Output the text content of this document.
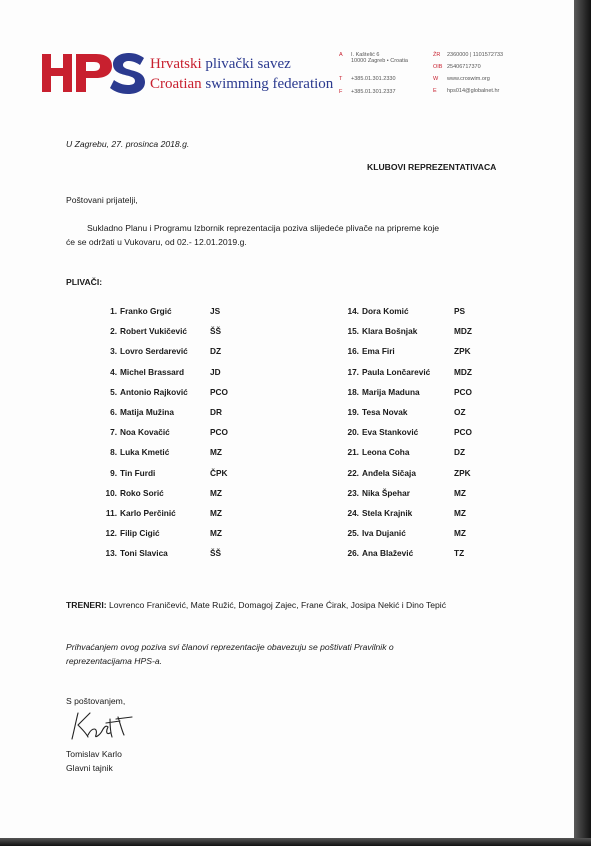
Hrvatski plivački savez
Croatian swimming federation
A I. Kaštelić 6
10000 Zagreb • Croatia
T +385.01.301.2330
F +385.01.301.2337
ŽR 2360000 | 1101572733
OIB 25406717370
W www.croswim.org
E hps014@globalnet.hr
U Zagrebu, 27. prosinca 2018.g.
KLUBOVI REPREZENTATIVACA
Poštovani prijatelji,
Sukladno Planu i Programu Izbornik reprezentacija poziva slijedeće plivače na pripreme koje
će se održati u Vukovaru, od 02.- 12.01.2019.g.
PLIVAČI:
TRENERI: Lovrenco Franičević, Mate Ružić, Domagoj Zajec, Frane Ćirak, Josipa Nekić i Dino Tepić
Prihvaćanjem ovog poziva svi članovi reprezentacije obavezuju se poštivati Pravilnik o
reprezentacijama HPS-a.
S poštovanjem,
Tomislav Karlo
Glavni tajnik
1. Franko Grgić	JS
2. Robert Vukičević	ŠŠ
3. Lovro Serdarević	DZ
4. Michel Brassard	JD
5. Antonio Rajković	PCO
6. Matija Mužina	DR
7. Noa Kovačić	PCO
8. Luka Kmetić	MZ
9. Tin Furdi	ČPK
10. Roko Sorić	MZ
11. Karlo Perčinić	MZ
12. Filip Cigić	MZ
13. Toni Slavica	ŠŠ
14. Dora Komić	PS
15. Klara Bošnjak	MDZ
16. Ema Firi	ZPK
17. Paula Lončarević	MDZ
18. Marija Maduna	PCO
19. Tesa Novak	OZ
20. Eva Stanković	PCO
21. Leona Coha	DZ
22. Anđela Sičaja	ZPK
23. Nika Špehar	MZ
24. Stela Krajnik	MZ
25. Iva Dujanić	MZ
26. Ana Blažević	TZ
